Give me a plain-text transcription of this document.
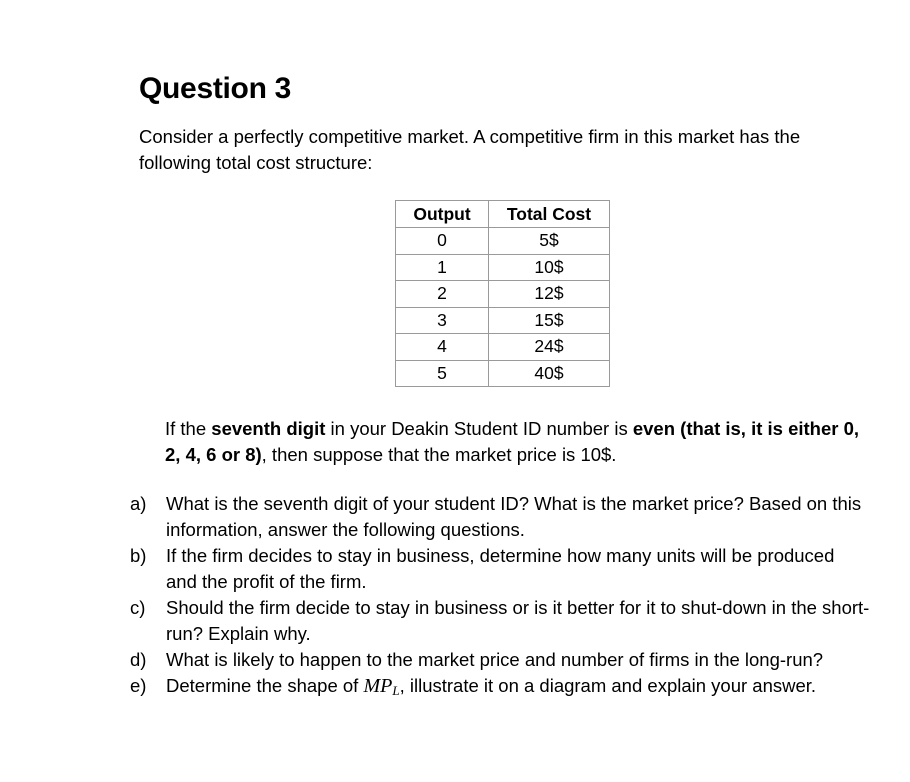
Question 3
Consider a perfectly competitive market. A competitive firm in this market has the following total cost structure:
Output	Total Cost
0	5$
1	10$
2	12$
3	15$
4	24$
5	40$
If the seventh digit in your Deakin Student ID number is even (that is, it is either 0, 2, 4, 6 or 8), then suppose that the market price is 10$.
a) What is the seventh digit of your student ID? What is the market price? Based on this information, answer the following questions.
b) If the firm decides to stay in business, determine how many units will be produced and the profit of the firm.
c) Should the firm decide to stay in business or is it better for it to shut-down in the short-run? Explain why.
d) What is likely to happen to the market price and number of firms in the long-run?
e) Determine the shape of $MP_L$, illustrate it on a diagram and explain your answer.
